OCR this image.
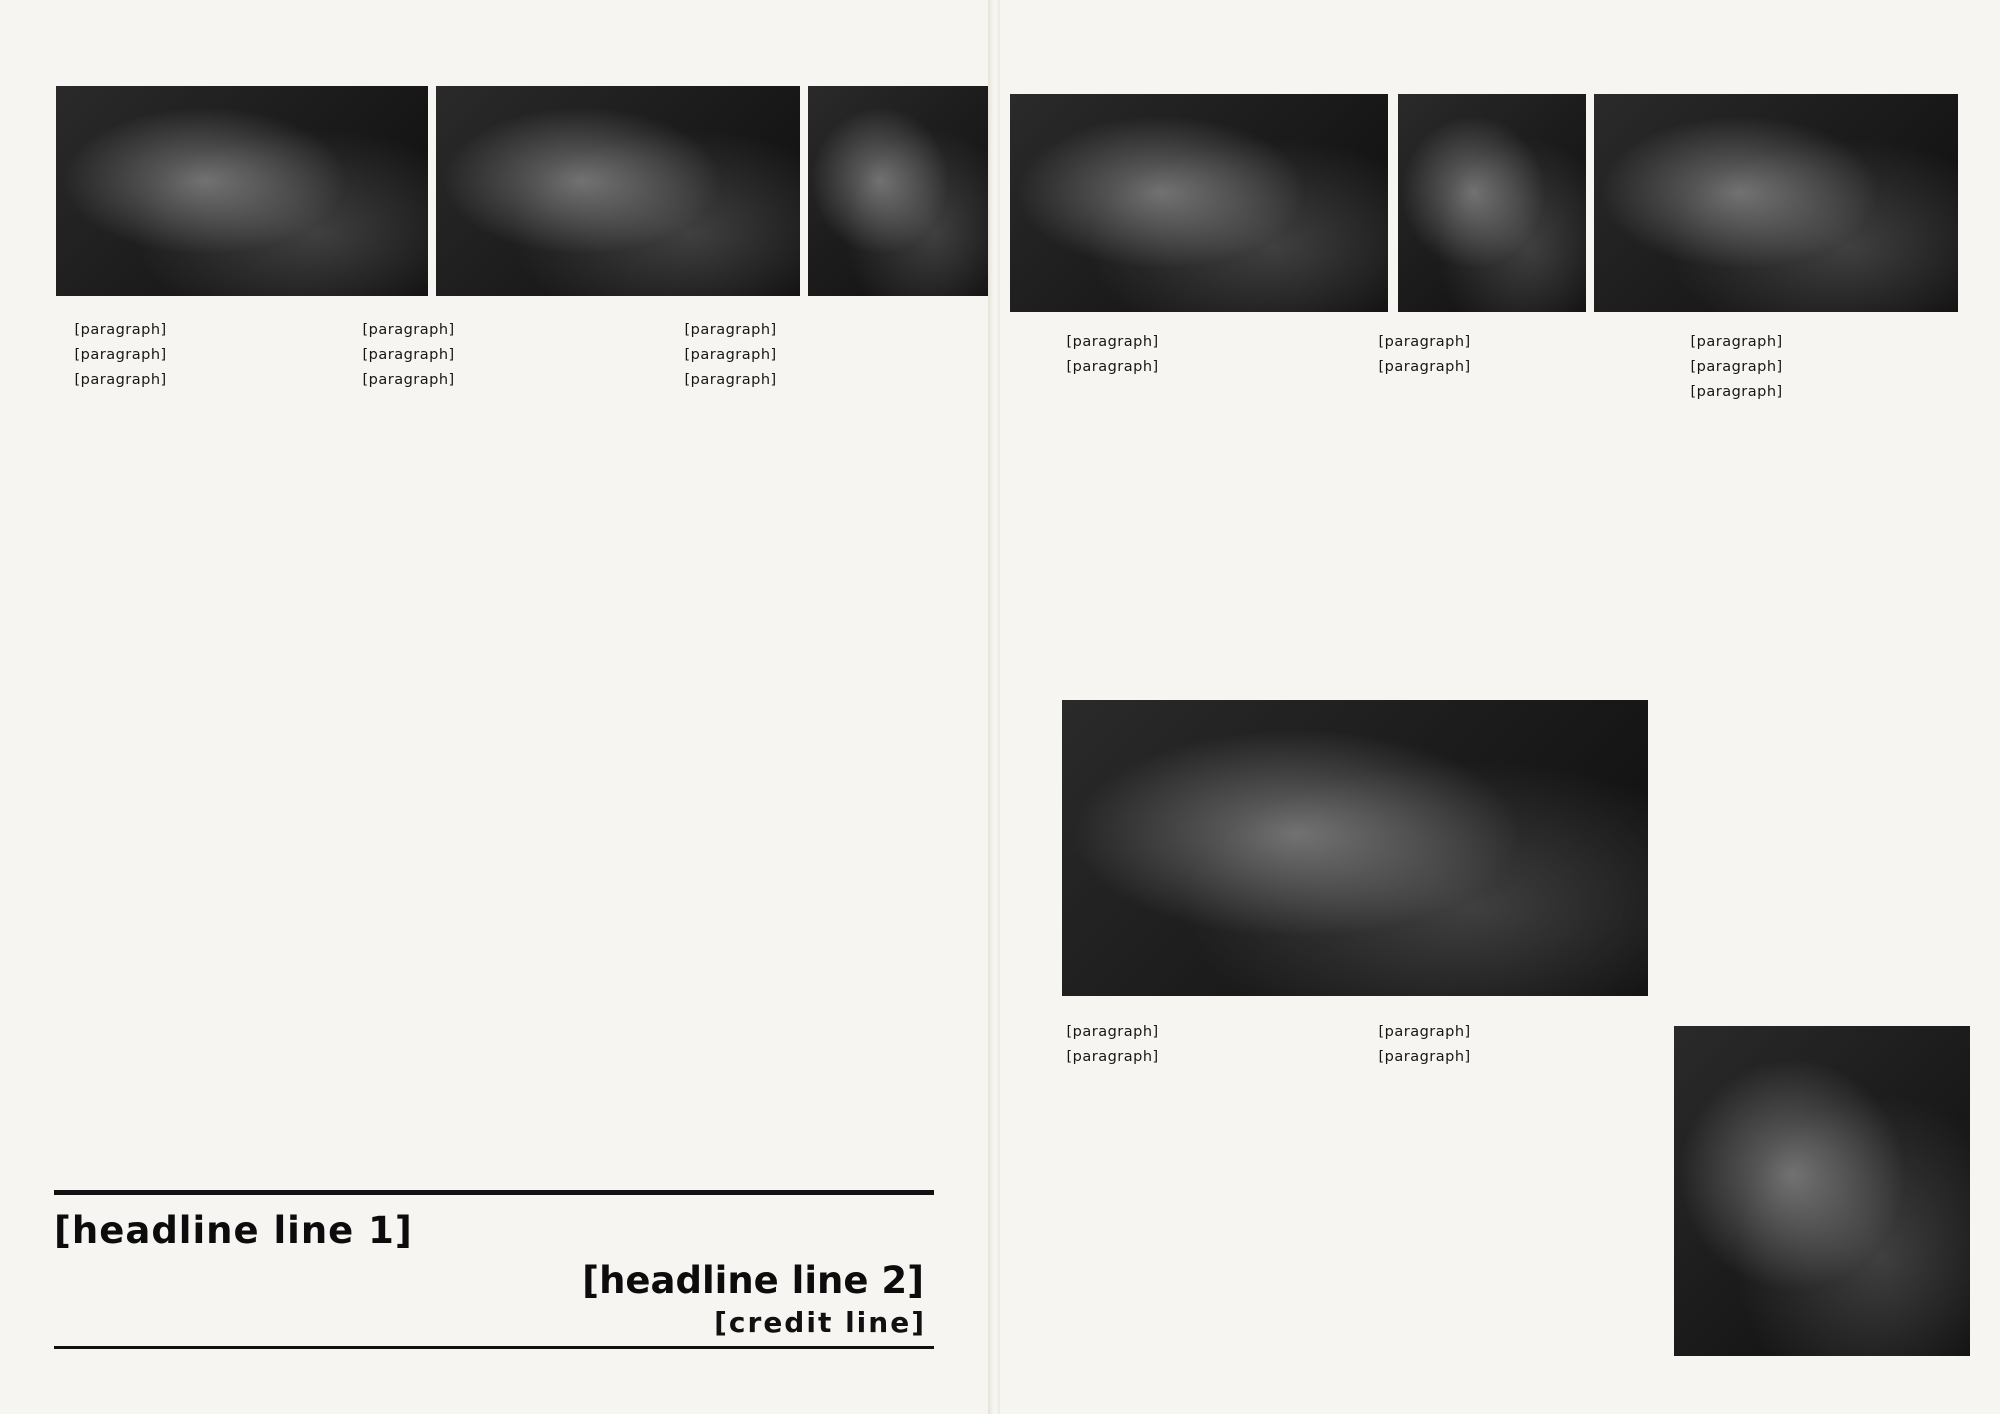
[paragraph]

[paragraph]

[paragraph]

[paragraph]

[paragraph]

[paragraph]

[paragraph]

[paragraph]

[paragraph]

[headline line 1]
[headline line 2]
[credit line]

[paragraph]

[paragraph]

[paragraph]

[paragraph]

[paragraph]

[paragraph]

[paragraph]

[paragraph]

[paragraph]

[paragraph]

[paragraph]
